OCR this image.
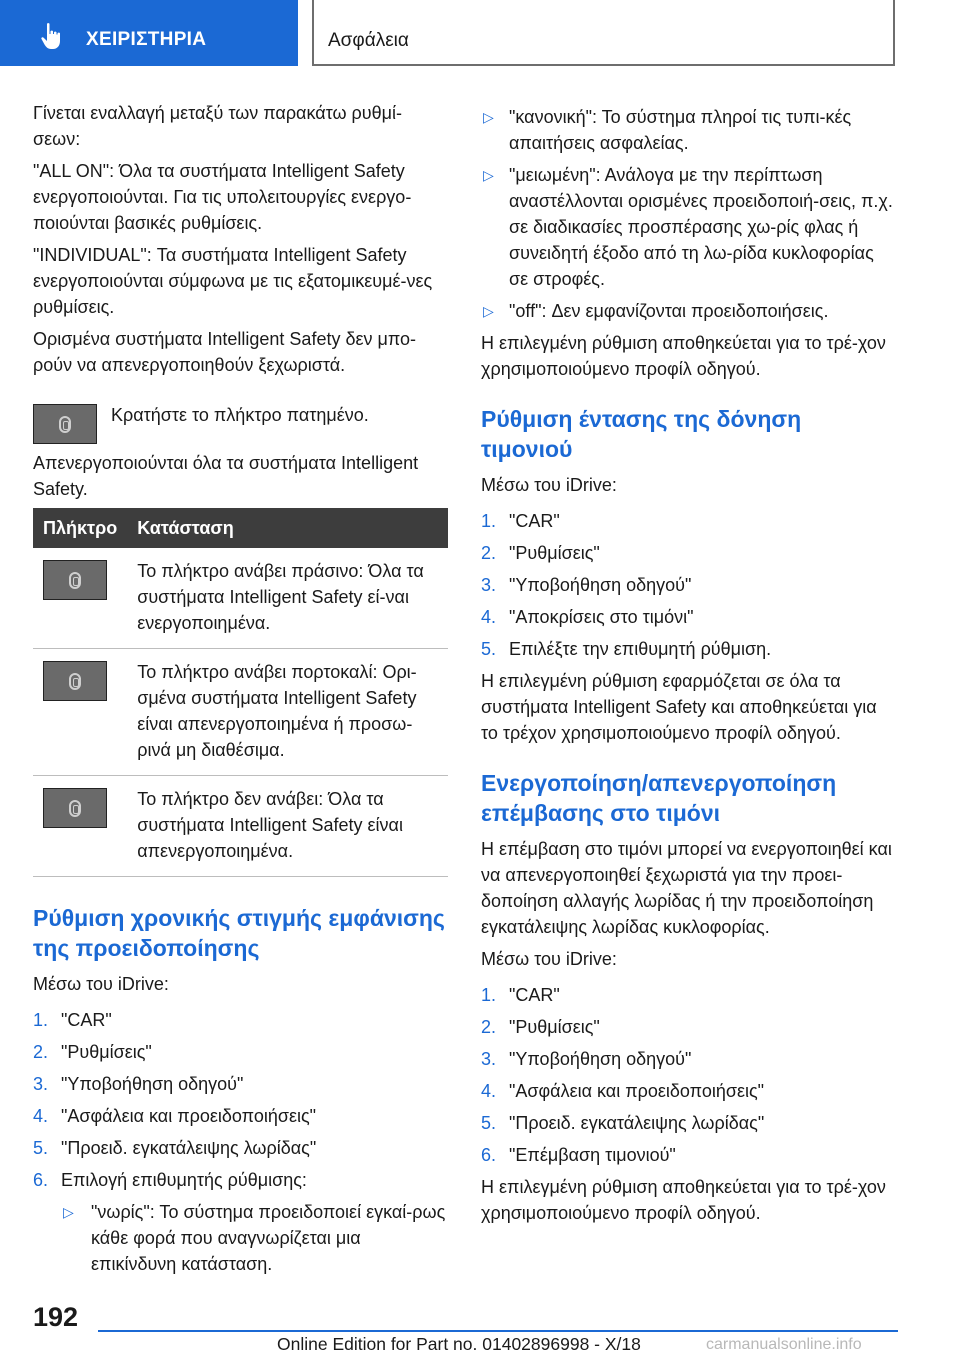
ΧΕΙΡΙΣΤΗΡΙΑ	Ασφάλεια

Γίνεται εναλλαγή μεταξύ των παρακάτω ρυθμί‐σεων:

"ALL ON": Όλα τα συστήματα Intelligent Safety ενεργοποιούνται. Για τις υπολειτουργίες ενεργο‐ποιούνται βασικές ρυθμίσεις.

"INDIVIDUAL": Τα συστήματα Intelligent Safety ενεργοποιούνται σύμφωνα με τις εξατομικευμέ‐νες ρυθμίσεις.

Ορισμένα συστήματα Intelligent Safety δεν μπο‐ρούν να απενεργοποιηθούν ξεχωριστά.

Κρατήστε το πλήκτρο πατημένο.

Απενεργοποιούνται όλα τα συστήματα Intelligent Safety.

Πλήκτρο	Κατάσταση

	Το πλήκτρο ανάβει πράσινο: Όλα τα συστήματα Intelligent Safety εί‐ναι ενεργοποιημένα.

	Το πλήκτρο ανάβει πορτοκαλί: Ορι‐σμένα συστήματα Intelligent Safety είναι απενεργοποιημένα ή προσω‐ρινά μη διαθέσιμα.

	Το πλήκτρο δεν ανάβει: Όλα τα συστήματα Intelligent Safety είναι απενεργοποιημένα.
Ρύθμιση χρονικής στιγμής εμφάνισης της προειδοποίησης

Μέσω του iDrive:

1. "CAR"
2. "Ρυθμίσεις"
3. "Υποβοήθηση οδηγού"
4. "Ασφάλεια και προειδοποιήσεις"
5. "Προειδ. εγκατάλειψης λωρίδας"
6. Επιλογή επιθυμητής ρύθμισης:
▷ "νωρίς": Το σύστημα προειδοποιεί εγκαί‐ρως κάθε φορά που αναγνωρίζεται μια επικίνδυνη κατάσταση.
▷ "κανονική": Το σύστημα πληροί τις τυπι‐κές απαιτήσεις ασφαλείας.
▷ "μειωμένη": Ανάλογα με την περίπτωση αναστέλλονται ορισμένες προειδοποιή‐σεις, π.χ. σε διαδικασίες προσπέρασης χω‐ρίς φλας ή συνειδητή έξοδο από τη λω‐ρίδα κυκλοφορίας σε στροφές.
▷ "off": Δεν εμφανίζονται προειδοποιήσεις.

Η επιλεγμένη ρύθμιση αποθηκεύεται για το τρέ‐χον χρησιμοποιούμενο προφίλ οδηγού.

Ρύθμιση έντασης της δόνηση τιμονιού

Μέσω του iDrive:

1. "CAR"
2. "Ρυθμίσεις"
3. "Υποβοήθηση οδηγού"
4. "Αποκρίσεις στο τιμόνι"
5. Επιλέξτε την επιθυμητή ρύθμιση.

Η επιλεγμένη ρύθμιση εφαρμόζεται σε όλα τα συστήματα Intelligent Safety και αποθηκεύεται για το τρέχον χρησιμοποιούμενο προφίλ οδηγού.

Ενεργοποίηση/απενεργοποίηση επέμβασης στο τιμόνι

Η επέμβαση στο τιμόνι μπορεί να ενεργοποιηθεί και να απενεργοποιηθεί ξεχωριστά για την προει‐δοποίηση αλλαγής λωρίδας ή την προειδοποίηση εγκατάλειψης λωρίδας κυκλοφορίας.

Μέσω του iDrive:

1. "CAR"
2. "Ρυθμίσεις"
3. "Υποβοήθηση οδηγού"
4. "Ασφάλεια και προειδοποιήσεις"
5. "Προειδ. εγκατάλειψης λωρίδας"
6. "Επέμβαση τιμονιού"

Η επιλεγμένη ρύθμιση αποθηκεύεται για το τρέ‐χον χρησιμοποιούμενο προφίλ οδηγού.

192
Online Edition for Part no. 01402896998 - X/18	carmanualsonline.info
